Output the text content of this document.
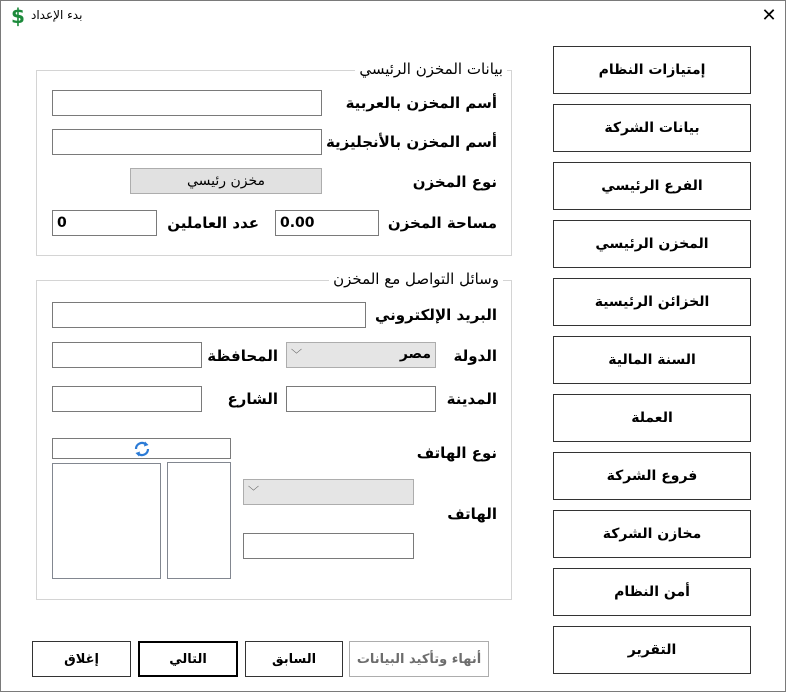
$ بدء الإعداد	✕
إمتيازات النظام
بيانات الشركة
الفرع الرئيسي
المخزن الرئيسي
الخزائن الرئيسية
السنة المالية
العملة
فروع الشركة
مخازن الشركة
أمن النظام
التقرير
بيانات المخزن الرئيسي
أسم المخزن بالعربية
أسم المخزن بالأنجليزية
نوع المخزن
مخزن رئيسي
مساحة المخزن
0.00
عدد العاملين
0
وسائل التواصل مع المخزن
البريد الإلكتروني
الدولة
مصر
﹀
المحافظة
المدينة
الشارع
نوع الهاتف
الهاتف
﹀
أنهاء وتأكيد البيانات
السابق
التالي
إغلاق
